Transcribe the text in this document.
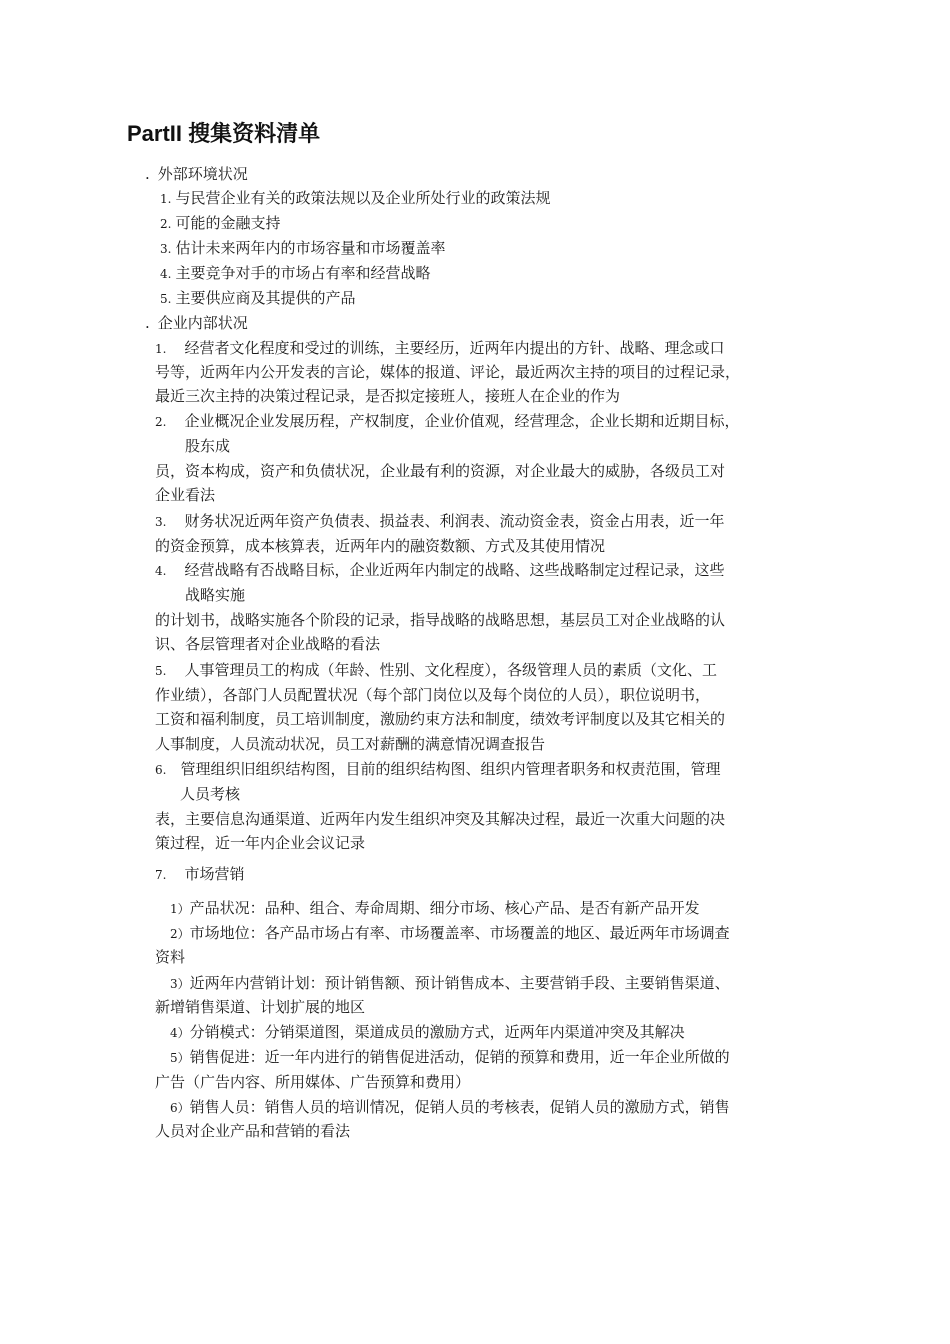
PartII 搜集资料清单
. 外部环境状况
1. 与民营企业有关的政策法规以及企业所处行业的政策法规
2. 可能的金融支持
3. 估计未来两年内的市场容量和市场覆盖率
4. 主要竞争对手的市场占有率和经营战略
5. 主要供应商及其提供的产品
. 企业内部状况
1. 经营者文化程度和受过的训练，主要经历，近两年内提出的方针、战略、理念或口
号等，近两年内公开发表的言论，媒体的报道、评论，最近两次主持的项目的过程记录，
最近三次主持的决策过程记录，是否拟定接班人，接班人在企业的作为
2. 企业概况企业发展历程，产权制度，企业价值观，经营理念，企业长期和近期目标，
股东成
员，资本构成，资产和负债状况，企业最有利的资源，对企业最大的威胁，各级员工对
企业看法
3. 财务状况近两年资产负债表、损益表、利润表、流动资金表，资金占用表，近一年
的资金预算，成本核算表，近两年内的融资数额、方式及其使用情况
4. 经营战略有否战略目标，企业近两年内制定的战略、这些战略制定过程记录，这些
战略实施
的计划书，战略实施各个阶段的记录，指导战略的战略思想，基层员工对企业战略的认
识、各层管理者对企业战略的看法
5. 人事管理员工的构成（年龄、性别、文化程度），各级管理人员的素质（文化、工
作业绩），各部门人员配置状况（每个部门岗位以及每个岗位的人员），职位说明书，
工资和福利制度，员工培训制度，激励约束方法和制度，绩效考评制度以及其它相关的
人事制度，人员流动状况，员工对薪酬的满意情况调查报告
6. 管理组织旧组织结构图，目前的组织结构图、组织内管理者职务和权责范围，管理
人员考核
表，主要信息沟通渠道、近两年内发生组织冲突及其解决过程，最近一次重大问题的决
策过程，近一年内企业会议记录
7. 市场营销
1）产品状况：品种、组合、寿命周期、细分市场、核心产品、是否有新产品开发
2）市场地位：各产品市场占有率、市场覆盖率、市场覆盖的地区、最近两年市场调查
资料
3）近两年内营销计划：预计销售额、预计销售成本、主要营销手段、主要销售渠道、
新增销售渠道、计划扩展的地区
4）分销模式：分销渠道图，渠道成员的激励方式，近两年内渠道冲突及其解决
5）销售促进：近一年内进行的销售促进活动，促销的预算和费用，近一年企业所做的
广告（广告内容、所用媒体、广告预算和费用）
6）销售人员：销售人员的培训情况，促销人员的考核表，促销人员的激励方式，销售
人员对企业产品和营销的看法
